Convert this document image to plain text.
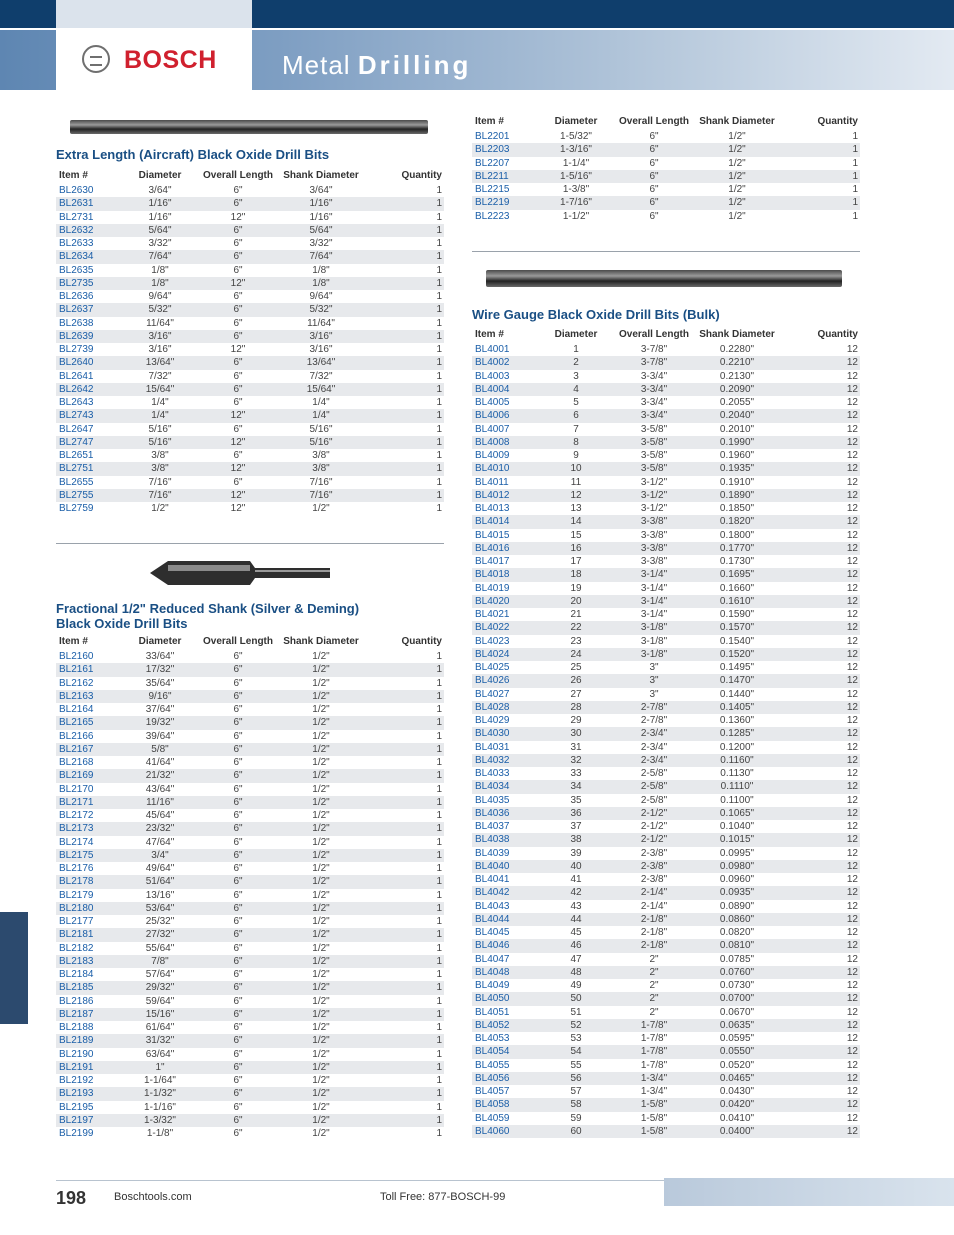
BOSCH	Metal Drilling
Extra Length (Aircraft) Black Oxide Drill Bits
Fractional 1/2" Reduced Shank (Silver & Deming)
Black Oxide Drill Bits
Wire Gauge Black Oxide Drill Bits (Bulk)
Item #	Diameter	Overall Length	Shank Diameter	Quantity
BL2630	3/64"	6"	3/64"	1
BL2631	1/16"	6"	1/16"	1
BL2731	1/16"	12"	1/16"	1
BL2632	5/64"	6"	5/64"	1
BL2633	3/32"	6"	3/32"	1
BL2634	7/64"	6"	7/64"	1
BL2635	1/8"	6"	1/8"	1
BL2735	1/8"	12"	1/8"	1
BL2636	9/64"	6"	9/64"	1
BL2637	5/32"	6"	5/32"	1
BL2638	11/64"	6"	11/64"	1
BL2639	3/16"	6"	3/16"	1
BL2739	3/16"	12"	3/16"	1
BL2640	13/64"	6"	13/64"	1
BL2641	7/32"	6"	7/32"	1
BL2642	15/64"	6"	15/64"	1
BL2643	1/4"	6"	1/4"	1
BL2743	1/4"	12"	1/4"	1
BL2647	5/16"	6"	5/16"	1
BL2747	5/16"	12"	5/16"	1
BL2651	3/8"	6"	3/8"	1
BL2751	3/8"	12"	3/8"	1
BL2655	7/16"	6"	7/16"	1
BL2755	7/16"	12"	7/16"	1
BL2759	1/2"	12"	1/2"	1
Item #	Diameter	Overall Length	Shank Diameter	Quantity
BL2160	33/64"	6"	1/2"	1
BL2161	17/32"	6"	1/2"	1
BL2162	35/64"	6"	1/2"	1
BL2163	9/16"	6"	1/2"	1
BL2164	37/64"	6"	1/2"	1
BL2165	19/32"	6"	1/2"	1
BL2166	39/64"	6"	1/2"	1
BL2167	5/8"	6"	1/2"	1
BL2168	41/64"	6"	1/2"	1
BL2169	21/32"	6"	1/2"	1
BL2170	43/64"	6"	1/2"	1
BL2171	11/16"	6"	1/2"	1
BL2172	45/64"	6"	1/2"	1
BL2173	23/32"	6"	1/2"	1
BL2174	47/64"	6"	1/2"	1
BL2175	3/4"	6"	1/2"	1
BL2176	49/64"	6"	1/2"	1
BL2178	51/64"	6"	1/2"	1
BL2179	13/16"	6"	1/2"	1
BL2180	53/64"	6"	1/2"	1
BL2177	25/32"	6"	1/2"	1
BL2181	27/32"	6"	1/2"	1
BL2182	55/64"	6"	1/2"	1
BL2183	7/8"	6"	1/2"	1
BL2184	57/64"	6"	1/2"	1
BL2185	29/32"	6"	1/2"	1
BL2186	59/64"	6"	1/2"	1
BL2187	15/16"	6"	1/2"	1
BL2188	61/64"	6"	1/2"	1
BL2189	31/32"	6"	1/2"	1
BL2190	63/64"	6"	1/2"	1
BL2191	1"	6"	1/2"	1
BL2192	1-1/64"	6"	1/2"	1
BL2193	1-1/32"	6"	1/2"	1
BL2195	1-1/16"	6"	1/2"	1
BL2197	1-3/32"	6"	1/2"	1
BL2199	1-1/8"	6"	1/2"	1
Item #	Diameter	Overall Length	Shank Diameter	Quantity
BL2201	1-5/32"	6"	1/2"	1
BL2203	1-3/16"	6"	1/2"	1
BL2207	1-1/4"	6"	1/2"	1
BL2211	1-5/16"	6"	1/2"	1
BL2215	1-3/8"	6"	1/2"	1
BL2219	1-7/16"	6"	1/2"	1
BL2223	1-1/2"	6"	1/2"	1
Item #	Diameter	Overall Length	Shank Diameter	Quantity
BL4001	1	3-7/8"	0.2280"	12
BL4002	2	3-7/8"	0.2210"	12
BL4003	3	3-3/4"	0.2130"	12
BL4004	4	3-3/4"	0.2090"	12
BL4005	5	3-3/4"	0.2055"	12
BL4006	6	3-3/4"	0.2040"	12
BL4007	7	3-5/8"	0.2010"	12
BL4008	8	3-5/8"	0.1990"	12
BL4009	9	3-5/8"	0.1960"	12
BL4010	10	3-5/8"	0.1935"	12
BL4011	11	3-1/2"	0.1910"	12
BL4012	12	3-1/2"	0.1890"	12
BL4013	13	3-1/2"	0.1850"	12
BL4014	14	3-3/8"	0.1820"	12
BL4015	15	3-3/8"	0.1800"	12
BL4016	16	3-3/8"	0.1770"	12
BL4017	17	3-3/8"	0.1730"	12
BL4018	18	3-1/4"	0.1695"	12
BL4019	19	3-1/4"	0.1660"	12
BL4020	20	3-1/4"	0.1610"	12
BL4021	21	3-1/4"	0.1590"	12
BL4022	22	3-1/8"	0.1570"	12
BL4023	23	3-1/8"	0.1540"	12
BL4024	24	3-1/8"	0.1520"	12
BL4025	25	3"	0.1495"	12
BL4026	26	3"	0.1470"	12
BL4027	27	3"	0.1440"	12
BL4028	28	2-7/8"	0.1405"	12
BL4029	29	2-7/8"	0.1360"	12
BL4030	30	2-3/4"	0.1285"	12
BL4031	31	2-3/4"	0.1200"	12
BL4032	32	2-3/4"	0.1160"	12
BL4033	33	2-5/8"	0.1130"	12
BL4034	34	2-5/8"	0.1110"	12
BL4035	35	2-5/8"	0.1100"	12
BL4036	36	2-1/2"	0.1065"	12
BL4037	37	2-1/2"	0.1040"	12
BL4038	38	2-1/2"	0.1015"	12
BL4039	39	2-3/8"	0.0995"	12
BL4040	40	2-3/8"	0.0980"	12
BL4041	41	2-3/8"	0.0960"	12
BL4042	42	2-1/4"	0.0935"	12
BL4043	43	2-1/4"	0.0890"	12
BL4044	44	2-1/8"	0.0860"	12
BL4045	45	2-1/8"	0.0820"	12
BL4046	46	2-1/8"	0.0810"	12
BL4047	47	2"	0.0785"	12
BL4048	48	2"	0.0760"	12
BL4049	49	2"	0.0730"	12
BL4050	50	2"	0.0700"	12
BL4051	51	2"	0.0670"	12
BL4052	52	1-7/8"	0.0635"	12
BL4053	53	1-7/8"	0.0595"	12
BL4054	54	1-7/8"	0.0550"	12
BL4055	55	1-7/8"	0.0520"	12
BL4056	56	1-3/4"	0.0465"	12
BL4057	57	1-3/4"	0.0430"	12
BL4058	58	1-5/8"	0.0420"	12
BL4059	59	1-5/8"	0.0410"	12
BL4060	60	1-5/8"	0.0400"	12
198	Boschtools.com	Toll Free: 877-BOSCH-99
